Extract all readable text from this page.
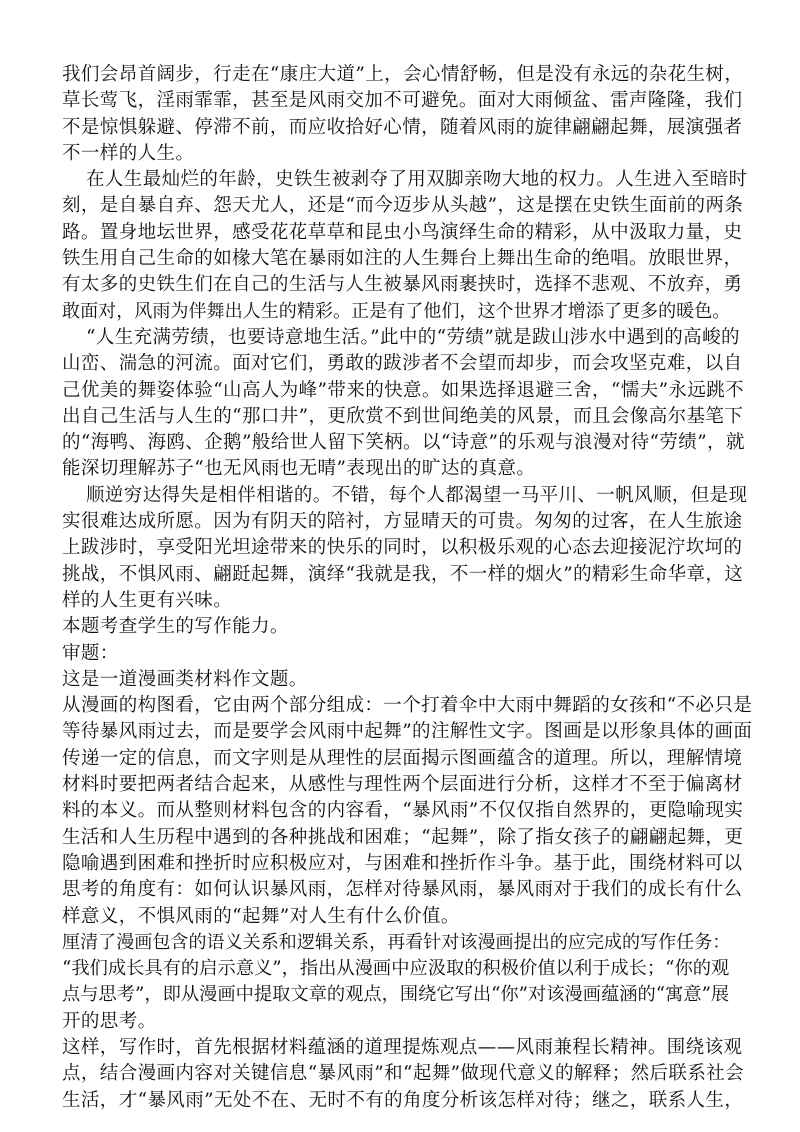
我们会昂首阔步，行走在“康庄大道”上，会心情舒畅，但是没有永远的杂花生树，
草长莺飞，淫雨霏霏，甚至是风雨交加不可避免。面对大雨倾盆、雷声隆隆，我们
不是惊惧躲避、停滞不前，而应收拾好心情，随着风雨的旋律翩翩起舞，展演强者
不一样的人生。
在人生最灿烂的年龄，史铁生被剥夺了用双脚亲吻大地的权力。人生进入至暗时
刻，是自暴自弃、怨天尤人，还是“而今迈步从头越”，这是摆在史铁生面前的两条
路。置身地坛世界，感受花花草草和昆虫小鸟演绎生命的精彩，从中汲取力量，史
铁生用自己生命的如椽大笔在暴雨如注的人生舞台上舞出生命的绝唱。放眼世界，
有太多的史铁生们在自己的生活与人生被暴风雨裹挟时，选择不悲观、不放弃，勇
敢面对，风雨为伴舞出人生的精彩。正是有了他们，这个世界才增添了更多的暖色。
“人生充满劳绩，也要诗意地生活。”此中的“劳绩”就是跋山涉水中遇到的高峻的
山峦、湍急的河流。面对它们，勇敢的跋涉者不会望而却步，而会攻坚克难，以自
己优美的舞姿体验“山高人为峰”带来的快意。如果选择退避三舍，“懦夫”永远跳不
出自己生活与人生的“那口井”，更欣赏不到世间绝美的风景，而且会像高尔基笔下
的“海鸭、海鸥、企鹅”般给世人留下笑柄。以“诗意”的乐观与浪漫对待“劳绩”，就
能深切理解苏子“也无风雨也无晴”表现出的旷达的真意。
顺逆穷达得失是相伴相谐的。不错，每个人都渴望一马平川、一帆风顺，但是现
实很难达成所愿。因为有阴天的陪衬，方显晴天的可贵。匆匆的过客，在人生旅途
上跋涉时，享受阳光坦途带来的快乐的同时，以积极乐观的心态去迎接泥泞坎坷的
挑战，不惧风雨、翩跹起舞，演绎“我就是我，不一样的烟火”的精彩生命华章，这
样的人生更有兴味。
本题考查学生的写作能力。
审题：
这是一道漫画类材料作文题。
从漫画的构图看，它由两个部分组成：一个打着伞中大雨中舞蹈的女孩和“不必只是
等待暴风雨过去，而是要学会风雨中起舞”的注解性文字。图画是以形象具体的画面
传递一定的信息，而文字则是从理性的层面揭示图画蕴含的道理。所以，理解情境
材料时要把两者结合起来，从感性与理性两个层面进行分析，这样才不至于偏离材
料的本义。而从整则材料包含的内容看，“暴风雨”不仅仅指自然界的，更隐喻现实
生活和人生历程中遇到的各种挑战和困难；“起舞”，除了指女孩子的翩翩起舞，更
隐喻遇到困难和挫折时应积极应对，与困难和挫折作斗争。基于此，围绕材料可以
思考的角度有：如何认识暴风雨，怎样对待暴风雨，暴风雨对于我们的成长有什么
样意义，不惧风雨的“起舞”对人生有什么价值。
厘清了漫画包含的语义关系和逻辑关系，再看针对该漫画提出的应完成的写作任务：
“我们成长具有的启示意义”，指出从漫画中应汲取的积极价值以利于成长；“你的观
点与思考”，即从漫画中提取文章的观点，围绕它写出“你”对该漫画蕴涵的“寓意”展
开的思考。
这样，写作时，首先根据材料蕴涵的道理提炼观点——风雨兼程长精神。围绕该观
点，结合漫画内容对关键信息“暴风雨”和“起舞”做现代意义的解释；然后联系社会
生活，才“暴风雨”无处不在、无时不有的角度分析该怎样对待；继之，联系人生，
